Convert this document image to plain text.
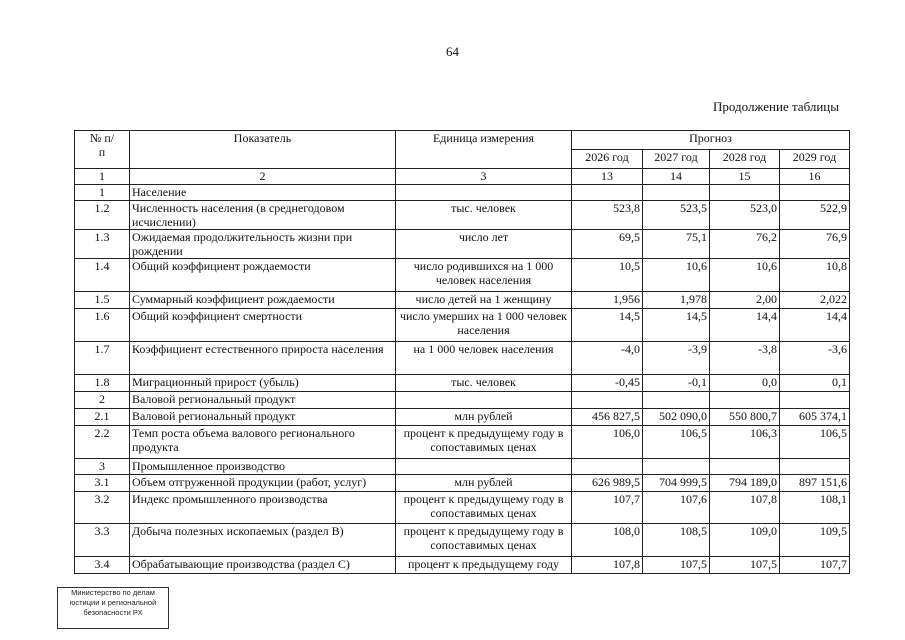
64
Продолжение таблицы
№ п/п	Показатель	Единица измерения	Прогноз			
			2026 год	2027 год	2028 год	2029 год
1	2	3	13	14	15	16
1	Население					
1.2	Численность населения (в среднегодовом исчислении)	тыс. человек	523,8	523,5	523,0	522,9
1.3	Ожидаемая продолжительность жизни при рождении	число лет	69,5	75,1	76,2	76,9
1.4	Общий коэффициент рождаемости	число родившихся на 1 000 человек населения	10,5	10,6	10,6	10,8
1.5	Суммарный коэффициент рождаемости	число детей на 1 женщину	1,956	1,978	2,00	2,022
1.6	Общий коэффициент смертности	число умерших на 1 000 человек населения	14,5	14,5	14,4	14,4
1.7	Коэффициент естественного прироста населения	на 1 000 человек населения	-4,0	-3,9	-3,8	-3,6
1.8	Миграционный прирост (убыль)	тыс. человек	-0,45	-0,1	0,0	0,1
2	Валовой региональный продукт					
2.1	Валовой региональный продукт	млн рублей	456 827,5	502 090,0	550 800,7	605 374,1
2.2	Темп роста объема валового регионального продукта	процент к предыдущему году в сопоставимых ценах	106,0	106,5	106,3	106,5
3	Промышленное производство					
3.1	Объем отгруженной продукции (работ, услуг)	млн рублей	626 989,5	704 999,5	794 189,0	897 151,6
3.2	Индекс промышленного производства	процент к предыдущему году в сопоставимых ценах	107,7	107,6	107,8	108,1
3.3	Добыча полезных ископаемых (раздел В)	процент к предыдущему году в сопоставимых ценах	108,0	108,5	109,0	109,5
3.4	Обрабатывающие производства (раздел С)	процент к предыдущему году	107,8	107,5	107,5	107,7
Министерство по делам
юстиции и региональной
безопасности РХ
